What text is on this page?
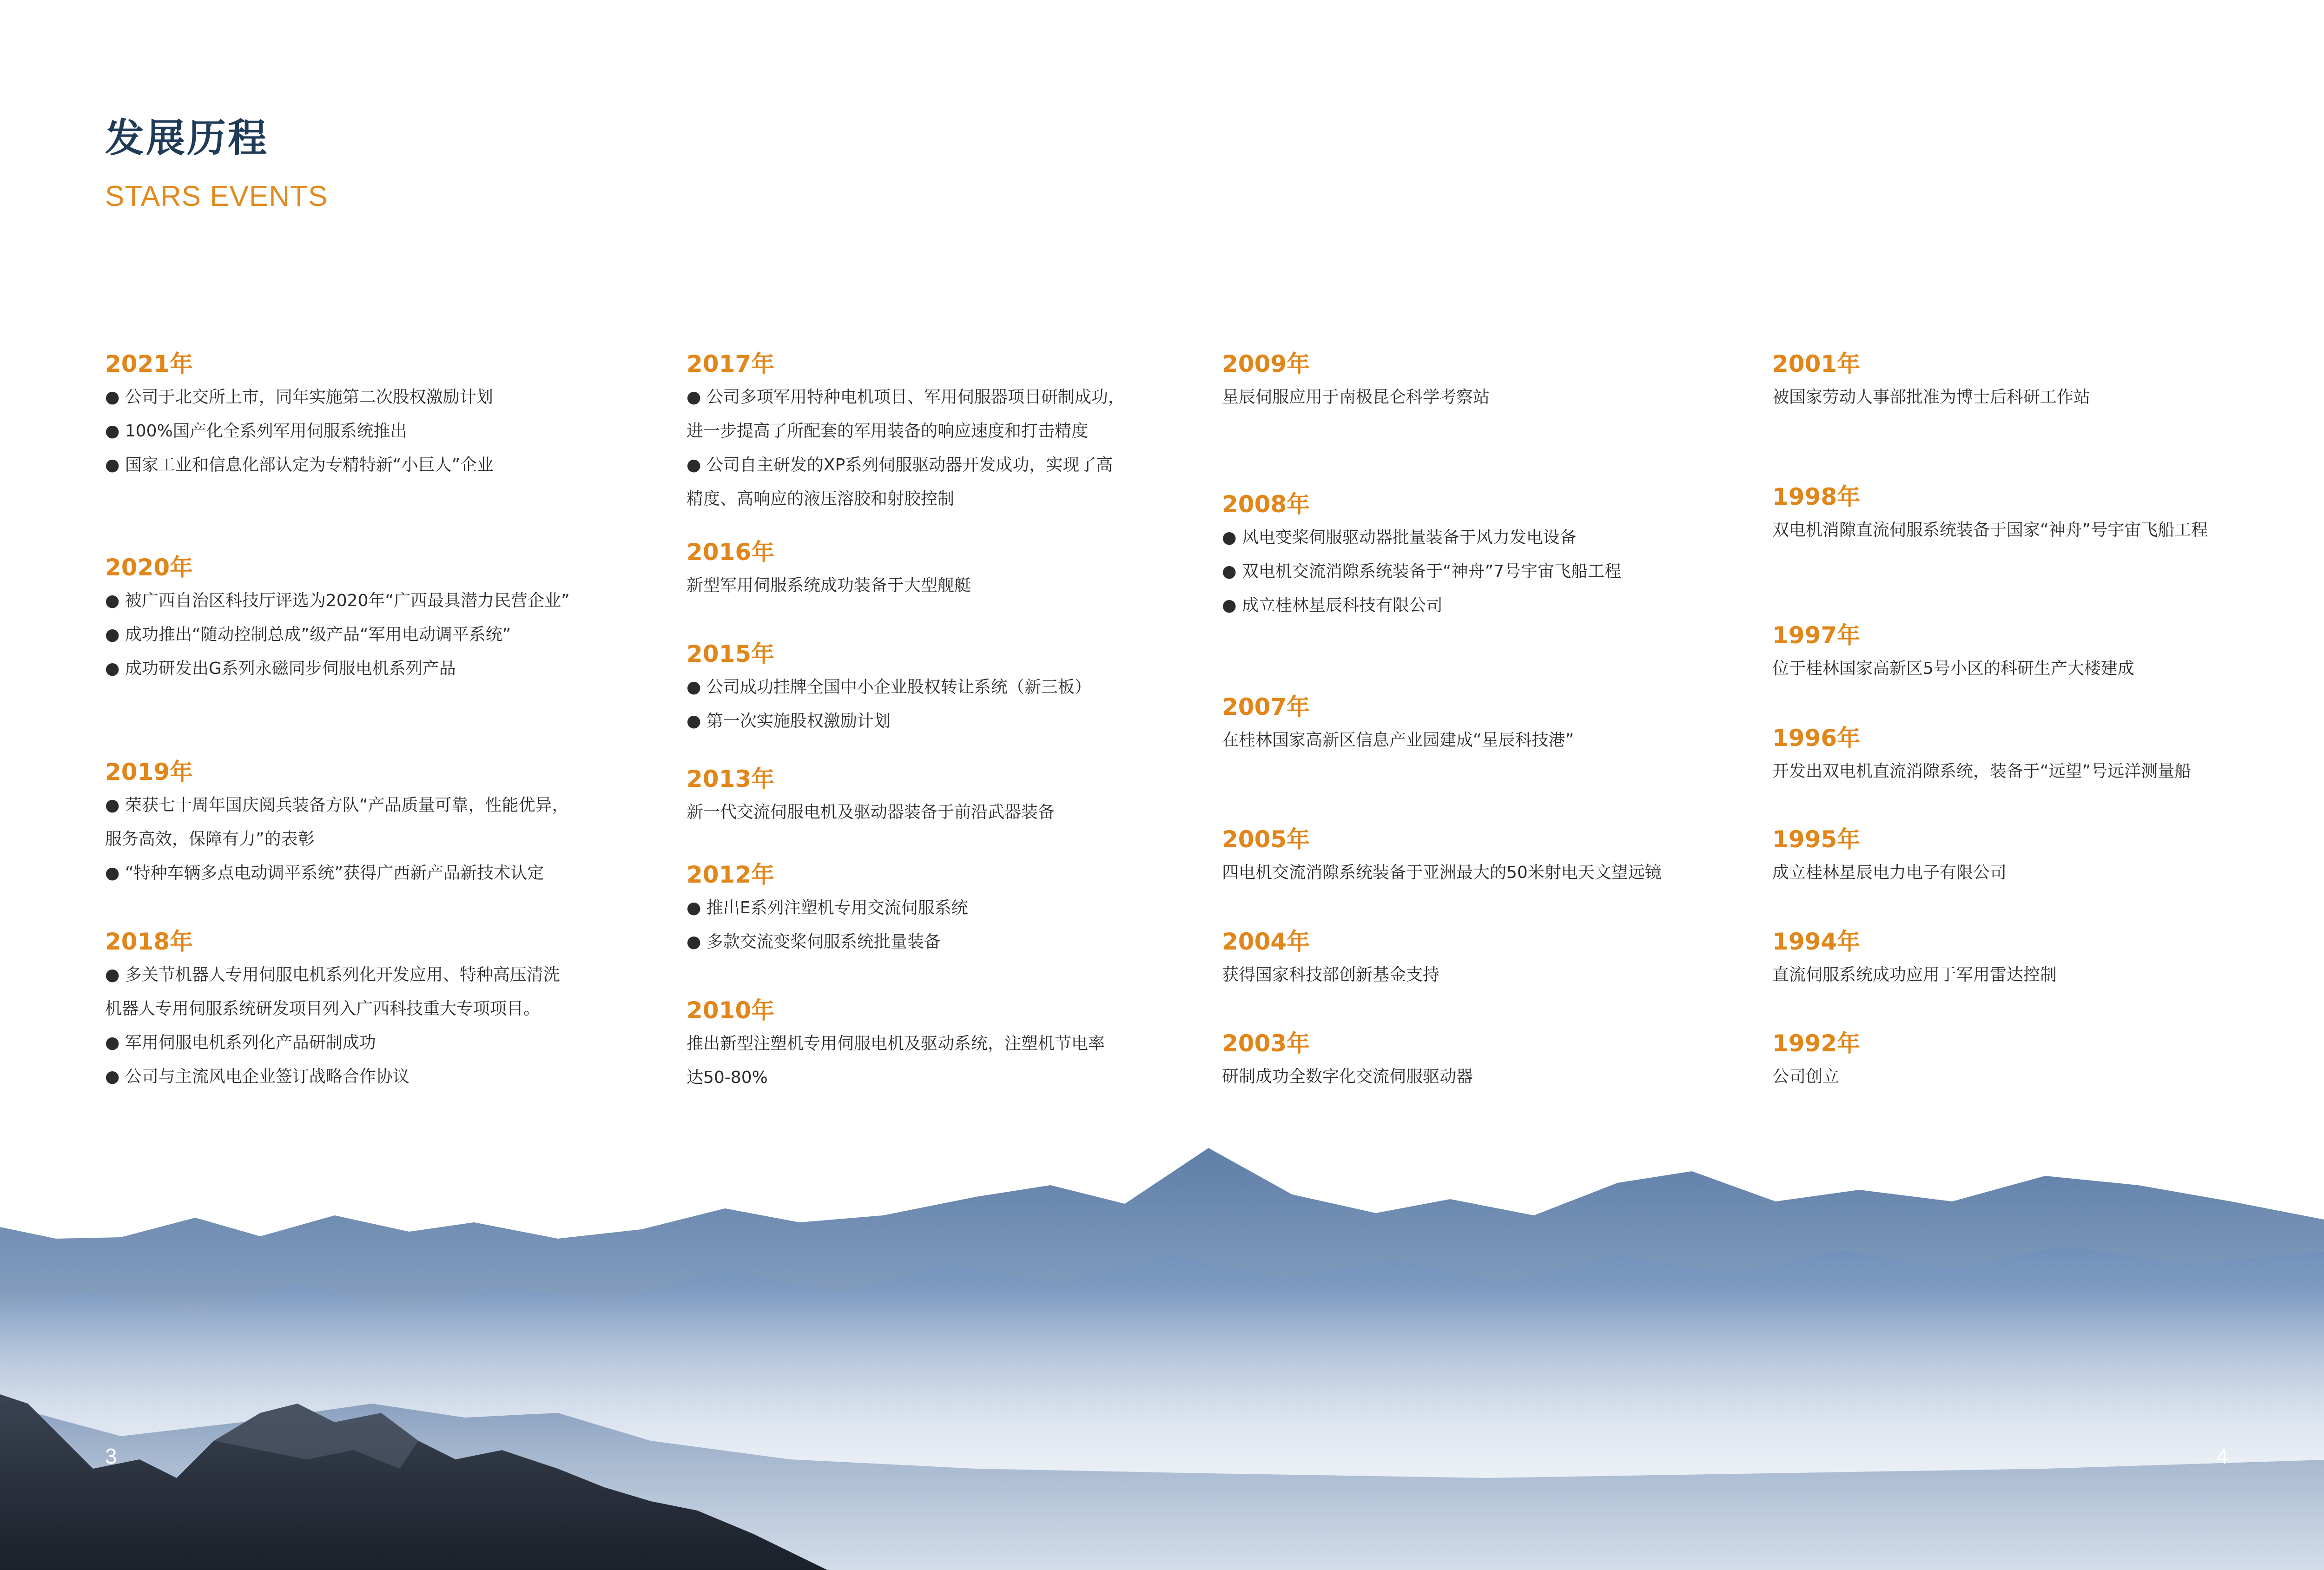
发展历程
STARS EVENTS
2021年
● 公司于北交所上市，同年实施第二次股权激励计划
● 100%国产化全系列军用伺服系统推出
● 国家工业和信息化部认定为专精特新“小巨人”企业
2020年
● 被广西自治区科技厅评选为2020年“广西最具潜力民营企业”
● 成功推出“随动控制总成”级产品“军用电动调平系统”
● 成功研发出G系列永磁同步伺服电机系列产品
2019年
● 荣获七十周年国庆阅兵装备方队“产品质量可靠，性能优异，
服务高效，保障有力”的表彰
● “特种车辆多点电动调平系统”获得广西新产品新技术认定
2018年
● 多关节机器人专用伺服电机系列化开发应用、特种高压清洗
机器人专用伺服系统研发项目列入广西科技重大专项项目。
● 军用伺服电机系列化产品研制成功
● 公司与主流风电企业签订战略合作协议
2017年
● 公司多项军用特种电机项目、军用伺服器项目研制成功，
进一步提高了所配套的军用装备的响应速度和打击精度
● 公司自主研发的XP系列伺服驱动器开发成功，实现了高
精度、高响应的液压溶胶和射胶控制
2016年
新型军用伺服系统成功装备于大型舰艇
2015年
● 公司成功挂牌全国中小企业股权转让系统（新三板）
● 第一次实施股权激励计划
2013年
新一代交流伺服电机及驱动器装备于前沿武器装备
2012年
● 推出E系列注塑机专用交流伺服系统
● 多款交流变桨伺服系统批量装备
2010年
推出新型注塑机专用伺服电机及驱动系统，注塑机节电率
达50-80%
2009年
星辰伺服应用于南极昆仑科学考察站
2008年
● 风电变桨伺服驱动器批量装备于风力发电设备
● 双电机交流消隙系统装备于“神舟”7号宇宙飞船工程
● 成立桂林星辰科技有限公司
2007年
在桂林国家高新区信息产业园建成“星辰科技港”
2005年
四电机交流消隙系统装备于亚洲最大的50米射电天文望远镜
2004年
获得国家科技部创新基金支持
2003年
研制成功全数字化交流伺服驱动器
2001年
被国家劳动人事部批准为博士后科研工作站
1998年
双电机消隙直流伺服系统装备于国家“神舟”号宇宙飞船工程
1997年
位于桂林国家高新区5号小区的科研生产大楼建成
1996年
开发出双电机直流消隙系统，装备于“远望”号远洋测量船
1995年
成立桂林星辰电力电子有限公司
1994年
直流伺服系统成功应用于军用雷达控制
1992年
公司创立
3	4
